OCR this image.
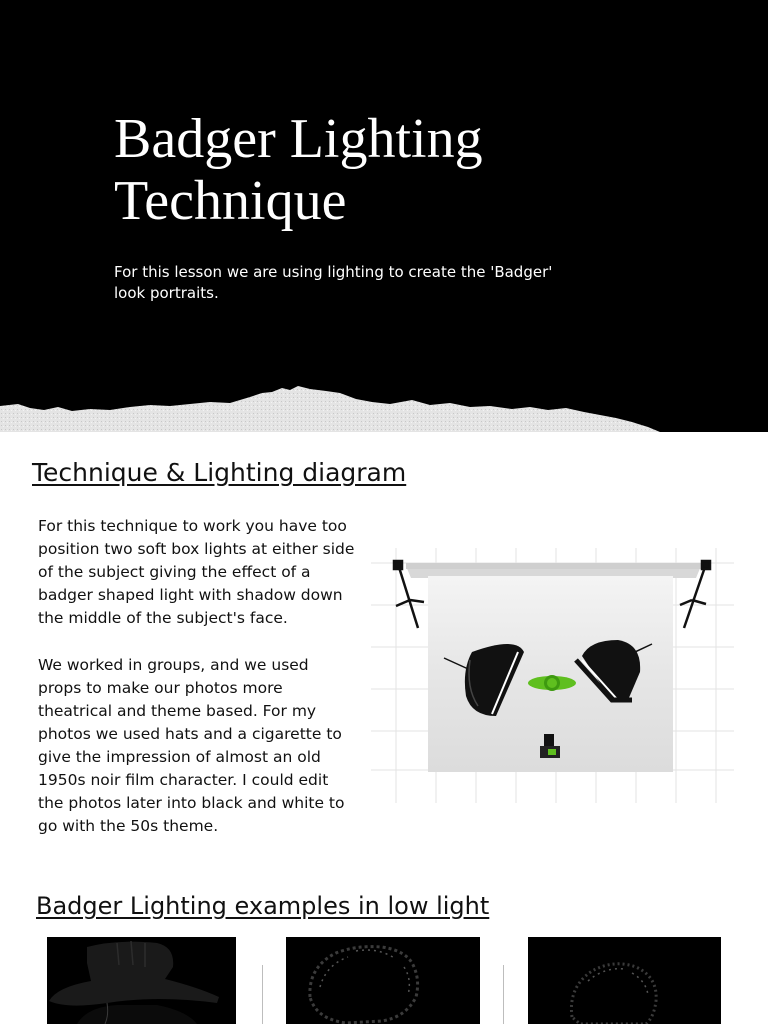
Badger Lighting
Technique

For this lesson we are using lighting to create the 'Badger' look portraits.

Technique & Lighting diagram

For this technique to work you have too position two soft box lights at either side of the subject giving the effect of a badger shaped light with shadow down the middle of the subject's face.

We worked in groups, and we used props to make our photos more theatrical and theme based. For my photos we used hats and a cigarette to give the impression of almost an old 1950s noir film character. I could edit the photos later into black and white to go with the 50s theme.

Badger Lighting examples in low light
